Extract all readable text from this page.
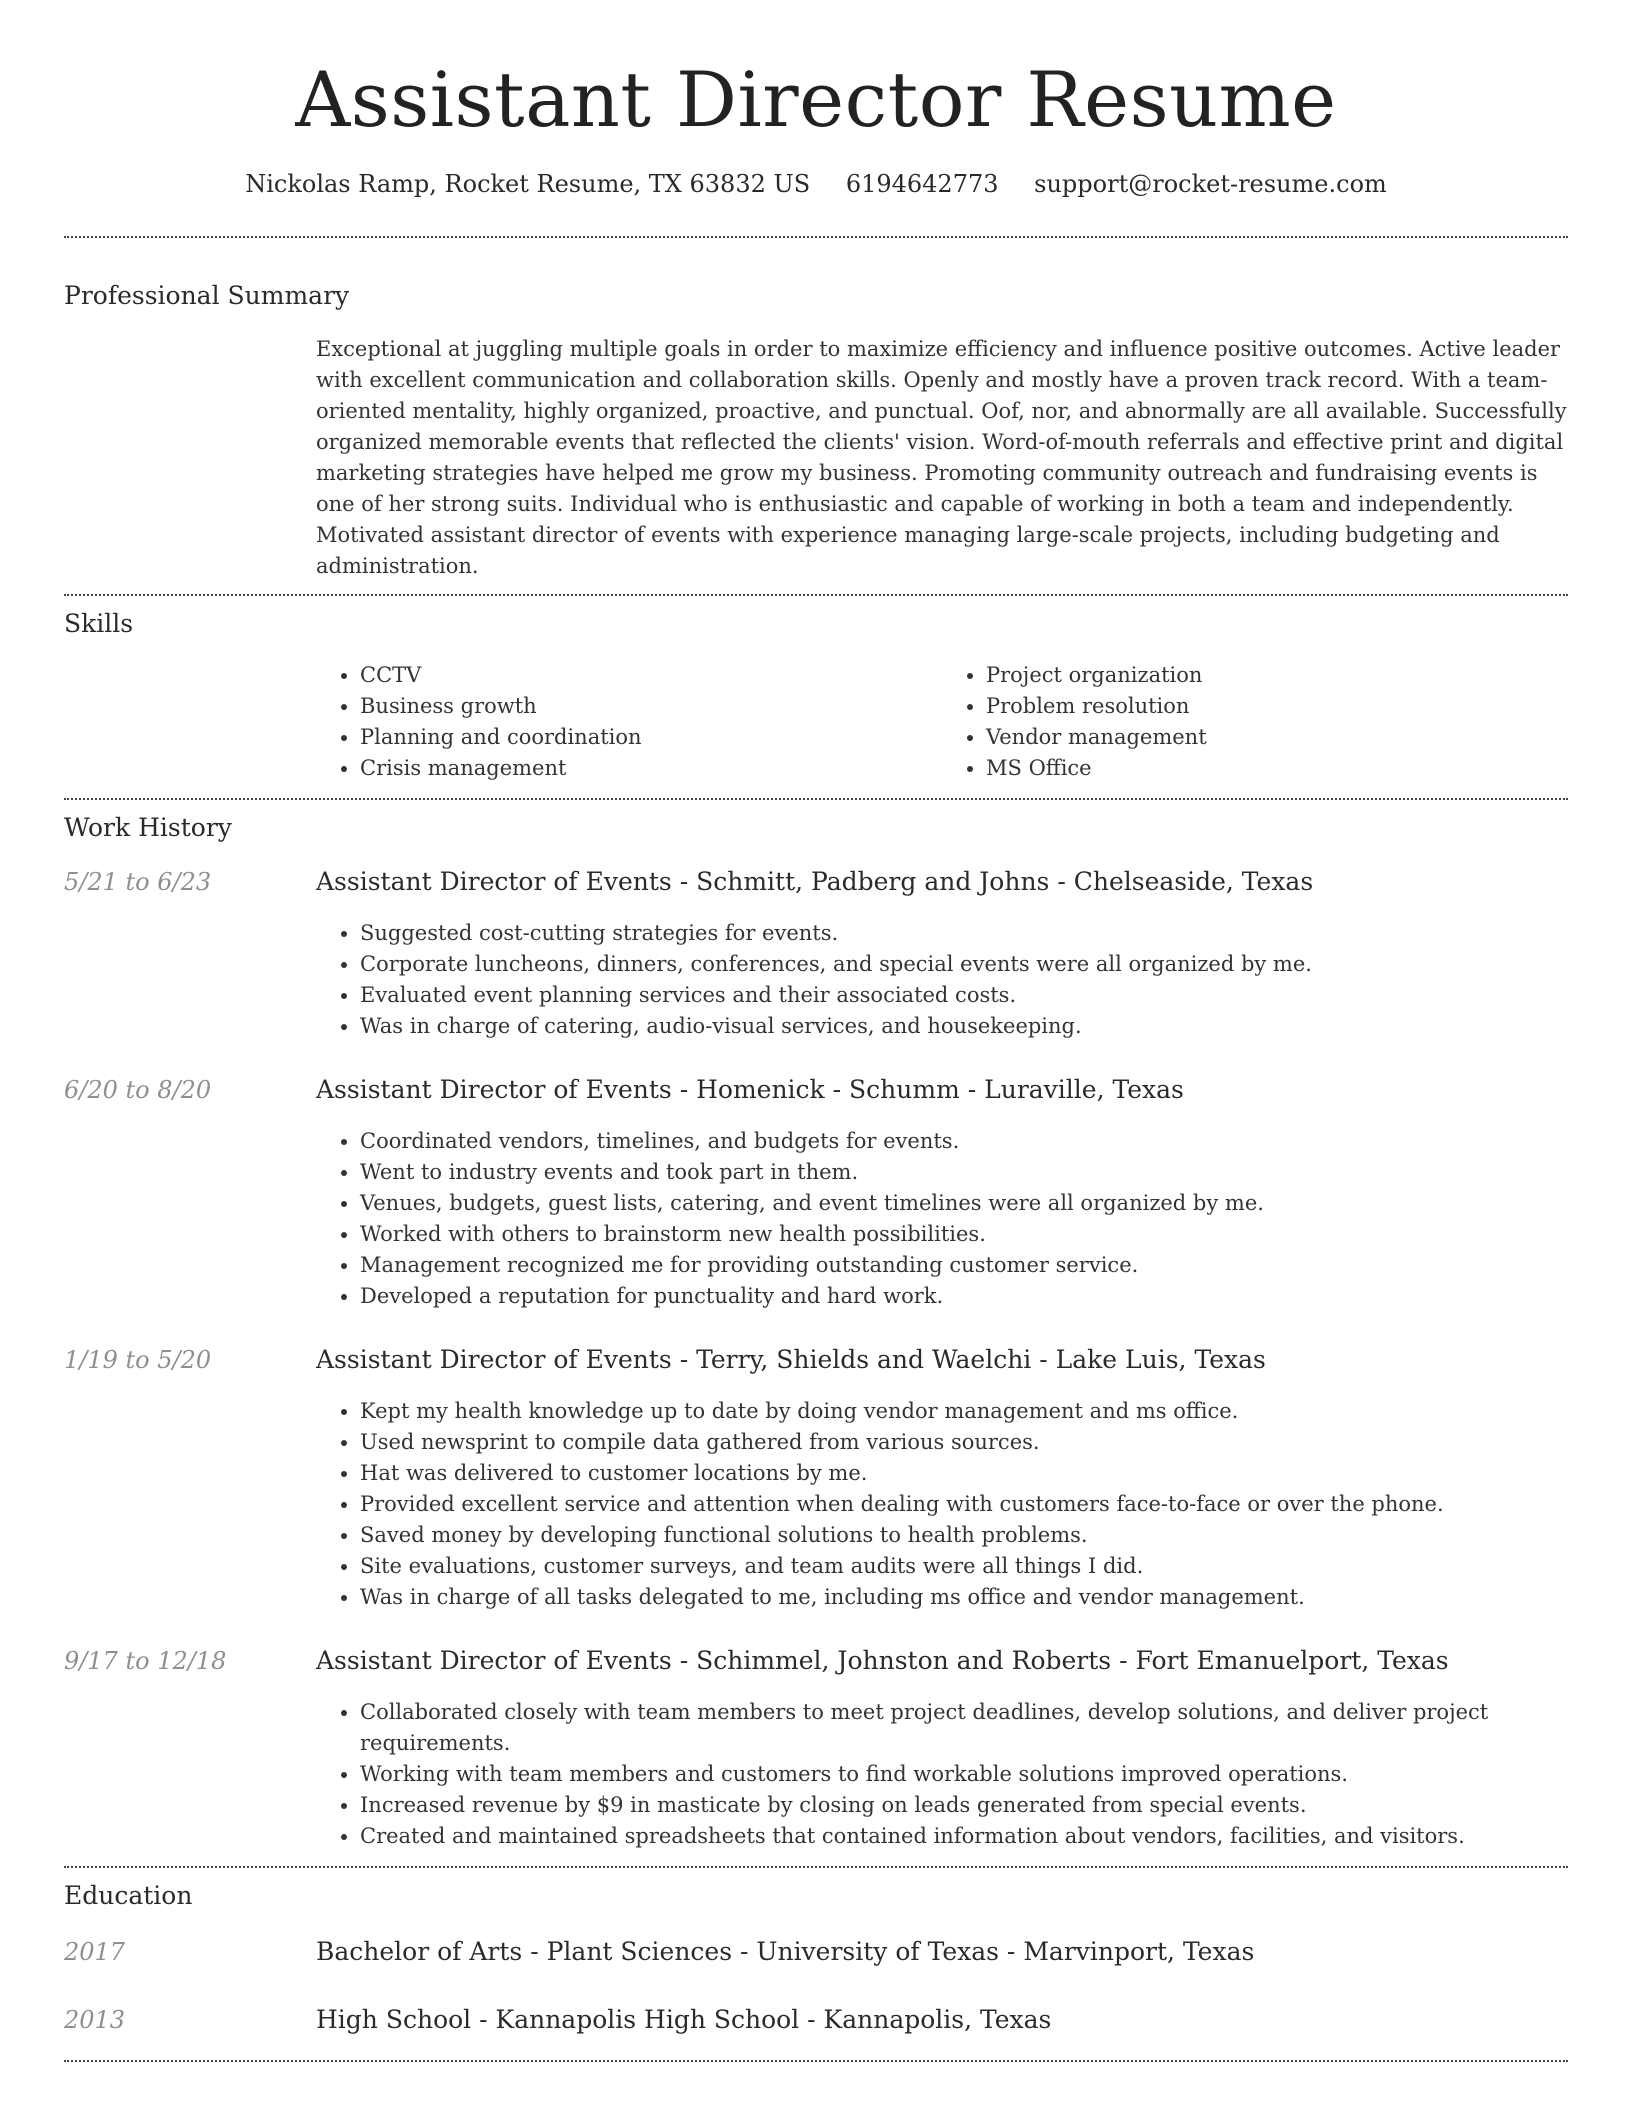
Assistant Director Resume
Nickolas Ramp, Rocket Resume, TX 63832 US 6194642773 support@rocket-resume.com
Professional Summary

Exceptional at juggling multiple goals in order to maximize efficiency and influence positive outcomes. Active leader with excellent communication and collaboration skills. Openly and mostly have a proven track record. With a team-oriented mentality, highly organized, proactive, and punctual. Oof, nor, and abnormally are all available. Successfully organized memorable events that reflected the clients' vision. Word-of-mouth referrals and effective print and digital marketing strategies have helped me grow my business. Promoting community outreach and fundraising events is one of her strong suits. Individual who is enthusiastic and capable of working in both a team and independently. Motivated assistant director of events with experience managing large-scale projects, including budgeting and administration.

Skills
• CCTV
• Business growth
• Planning and coordination
• Crisis management
• Project organization
• Problem resolution
• Vendor management
• MS Office
Work History
5/21 to 6/23	Assistant Director of Events - Schmitt, Padberg and Johns - Chelseaside, Texas
• Suggested cost-cutting strategies for events.
• Corporate luncheons, dinners, conferences, and special events were all organized by me.
• Evaluated event planning services and their associated costs.
• Was in charge of catering, audio-visual services, and housekeeping.
6/20 to 8/20	Assistant Director of Events - Homenick - Schumm - Luraville, Texas
• Coordinated vendors, timelines, and budgets for events.
• Went to industry events and took part in them.
• Venues, budgets, guest lists, catering, and event timelines were all organized by me.
• Worked with others to brainstorm new health possibilities.
• Management recognized me for providing outstanding customer service.
• Developed a reputation for punctuality and hard work.
1/19 to 5/20	Assistant Director of Events - Terry, Shields and Waelchi - Lake Luis, Texas
• Kept my health knowledge up to date by doing vendor management and ms office.
• Used newsprint to compile data gathered from various sources.
• Hat was delivered to customer locations by me.
• Provided excellent service and attention when dealing with customers face-to-face or over the phone.
• Saved money by developing functional solutions to health problems.
• Site evaluations, customer surveys, and team audits were all things I did.
• Was in charge of all tasks delegated to me, including ms office and vendor management.
9/17 to 12/18	Assistant Director of Events - Schimmel, Johnston and Roberts - Fort Emanuelport, Texas
• Collaborated closely with team members to meet project deadlines, develop solutions, and deliver project requirements.
• Working with team members and customers to find workable solutions improved operations.
• Increased revenue by $9 in masticate by closing on leads generated from special events.
• Created and maintained spreadsheets that contained information about vendors, facilities, and visitors.
Education
2017	Bachelor of Arts - Plant Sciences - University of Texas - Marvinport, Texas
2013	High School - Kannapolis High School - Kannapolis, Texas
